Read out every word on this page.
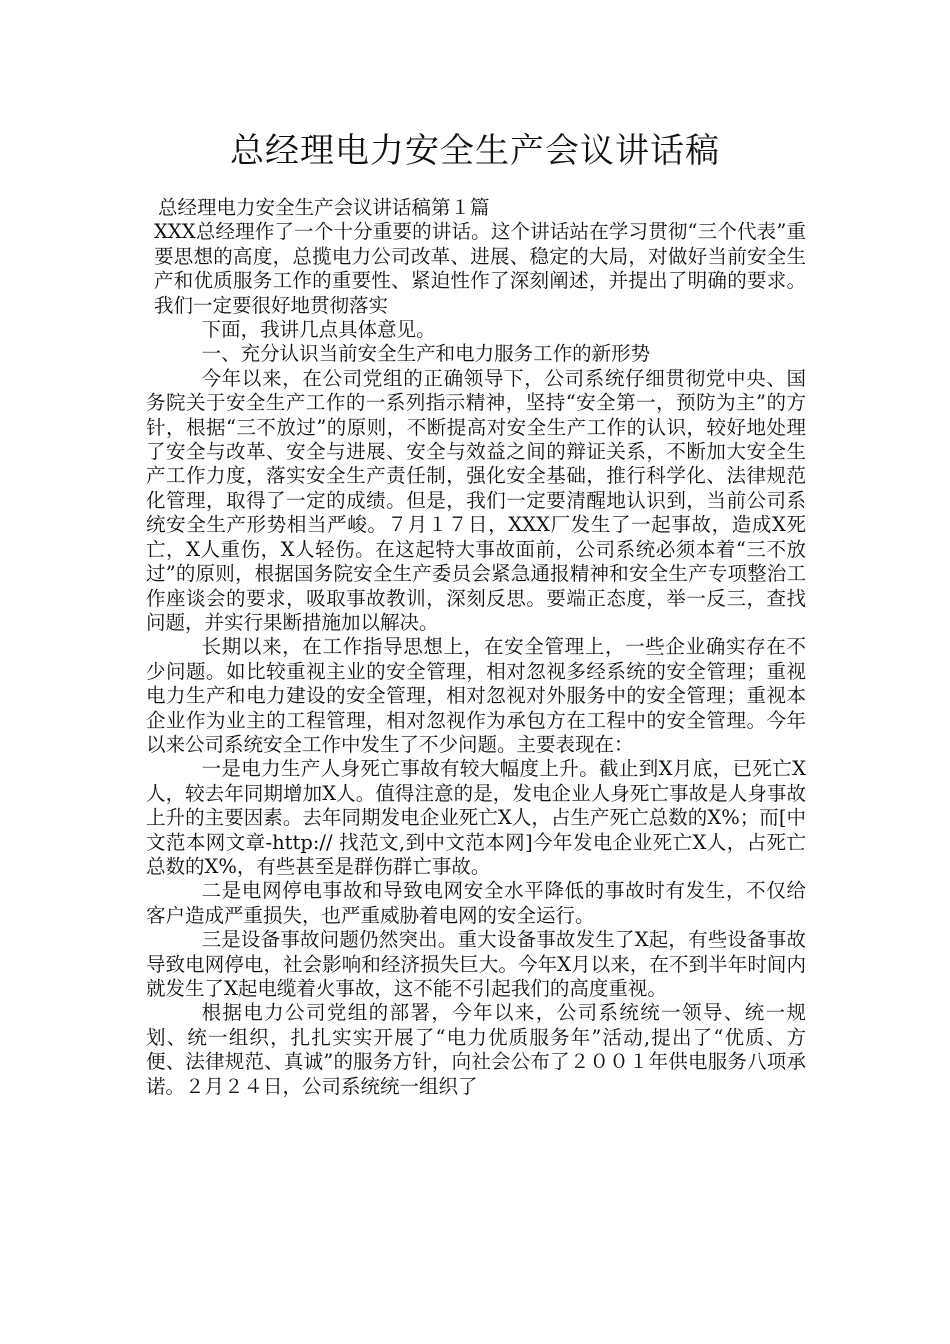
总经理电力安全生产会议讲话稿

总经理电力安全生产会议讲话稿第１篇

XXX总经理作了一个十分重要的讲话。这个讲话站在学习贯彻“三个代表”重要思想的高度，总揽电力公司改革、进展、稳定的大局，对做好当前安全生产和优质服务工作的重要性、紧迫性作了深刻阐述，并提出了明确的要求。我们一定要很好地贯彻落实

下面，我讲几点具体意见。

一、充分认识当前安全生产和电力服务工作的新形势

今年以来，在公司党组的正确领导下，公司系统仔细贯彻党中央、国务院关于安全生产工作的一系列指示精神，坚持“安全第一，预防为主”的方针，根据“三不放过”的原则，不断提高对安全生产工作的认识，较好地处理了安全与改革、安全与进展、安全与效益之间的辩证关系，不断加大安全生产工作力度，落实安全生产责任制，强化安全基础，推行科学化、法律规范化管理，取得了一定的成绩。但是，我们一定要清醒地认识到，当前公司系统安全生产形势相当严峻。７月１７日，XXX厂发生了一起事故，造成X死亡，X人重伤，X人轻伤。在这起特大事故面前，公司系统必须本着“三不放过”的原则，根据国务院安全生产委员会紧急通报精神和安全生产专项整治工作座谈会的要求，吸取事故教训，深刻反思。要端正态度，举一反三，查找问题，并实行果断措施加以解决。

长期以来，在工作指导思想上，在安全管理上，一些企业确实存在不少问题。如比较重视主业的安全管理，相对忽视多经系统的安全管理；重视电力生产和电力建设的安全管理，相对忽视对外服务中的安全管理；重视本企业作为业主的工程管理，相对忽视作为承包方在工程中的安全管理。今年以来公司系统安全工作中发生了不少问题。主要表现在：

一是电力生产人身死亡事故有较大幅度上升。截止到X月底，已死亡X人，较去年同期增加X人。值得注意的是，发电企业人身死亡事故是人身事故上升的主要因素。去年同期发电企业死亡X人，占生产死亡总数的X%；而[中文范本网文章-http:// 找范文,到中文范本网]今年发电企业死亡X人，占死亡总数的X%，有些甚至是群伤群亡事故。

二是电网停电事故和导致电网安全水平降低的事故时有发生，不仅给客户造成严重损失，也严重威胁着电网的安全运行。

三是设备事故问题仍然突出。重大设备事故发生了X起，有些设备事故导致电网停电，社会影响和经济损失巨大。今年X月以来，在不到半年时间内就发生了X起电缆着火事故，这不能不引起我们的高度重视。

根据电力公司党组的部署，今年以来，公司系统统一领导、统一规划、统一组织，扎扎实实开展了“电力优质服务年”活动,提出了“优质、方便、法律规范、真诚”的服务方针，向社会公布了２００１年供电服务八项承诺。２月２４日，公司系统统一组织了
